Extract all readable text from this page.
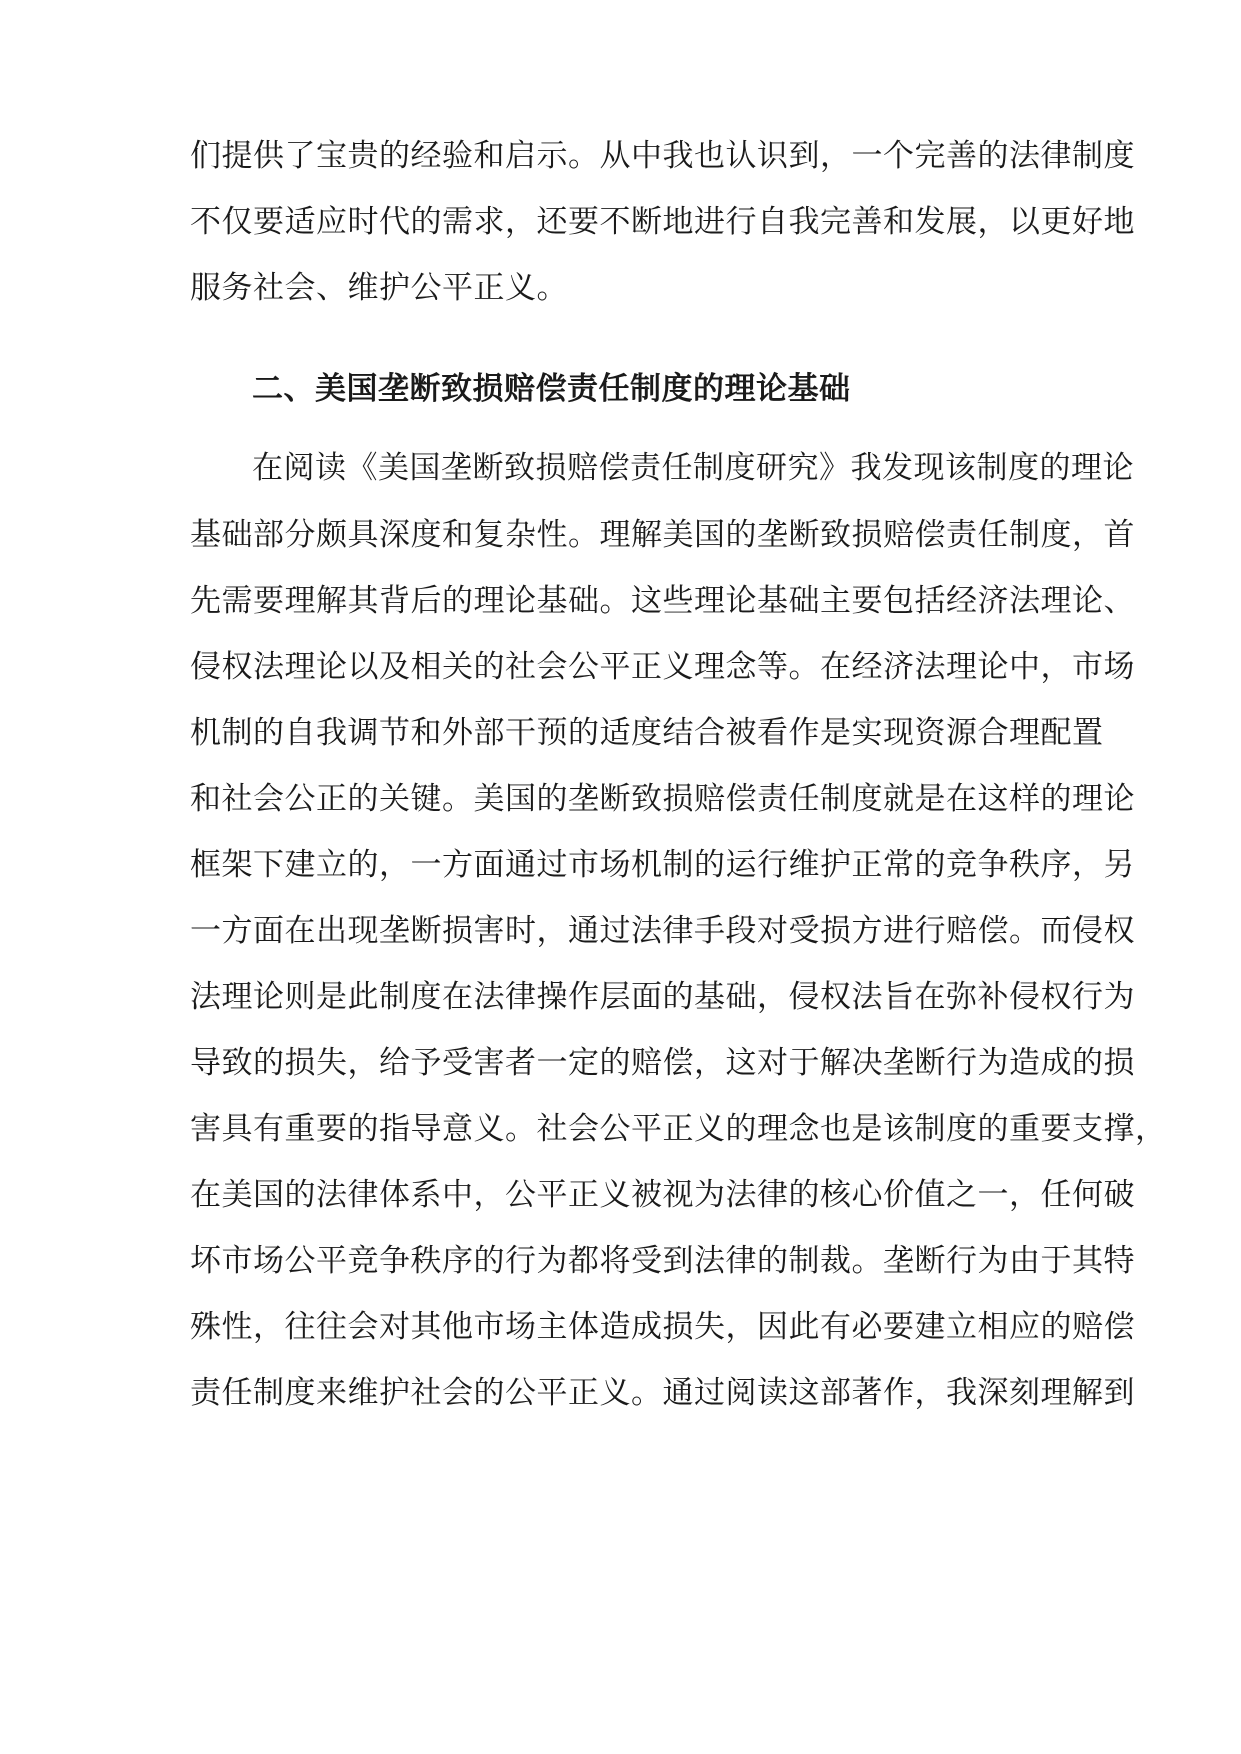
们提供了宝贵的经验和启示。从中我也认识到，一个完善的法律制度
不仅要适应时代的需求，还要不断地进行自我完善和发展，以更好地
服务社会、维护公平正义。
二、美国垄断致损赔偿责任制度的理论基础
在阅读《美国垄断致损赔偿责任制度研究》我发现该制度的理论
基础部分颇具深度和复杂性。理解美国的垄断致损赔偿责任制度，首
先需要理解其背后的理论基础。这些理论基础主要包括经济法理论、
侵权法理论以及相关的社会公平正义理念等。在经济法理论中，市场
机制的自我调节和外部干预的适度结合被看作是实现资源合理配置
和社会公正的关键。美国的垄断致损赔偿责任制度就是在这样的理论
框架下建立的，一方面通过市场机制的运行维护正常的竞争秩序，另
一方面在出现垄断损害时，通过法律手段对受损方进行赔偿。而侵权
法理论则是此制度在法律操作层面的基础，侵权法旨在弥补侵权行为
导致的损失，给予受害者一定的赔偿，这对于解决垄断行为造成的损
害具有重要的指导意义。社会公平正义的理念也是该制度的重要支撑，
在美国的法律体系中，公平正义被视为法律的核心价值之一，任何破
坏市场公平竞争秩序的行为都将受到法律的制裁。垄断行为由于其特
殊性，往往会对其他市场主体造成损失，因此有必要建立相应的赔偿
责任制度来维护社会的公平正义。通过阅读这部著作，我深刻理解到
